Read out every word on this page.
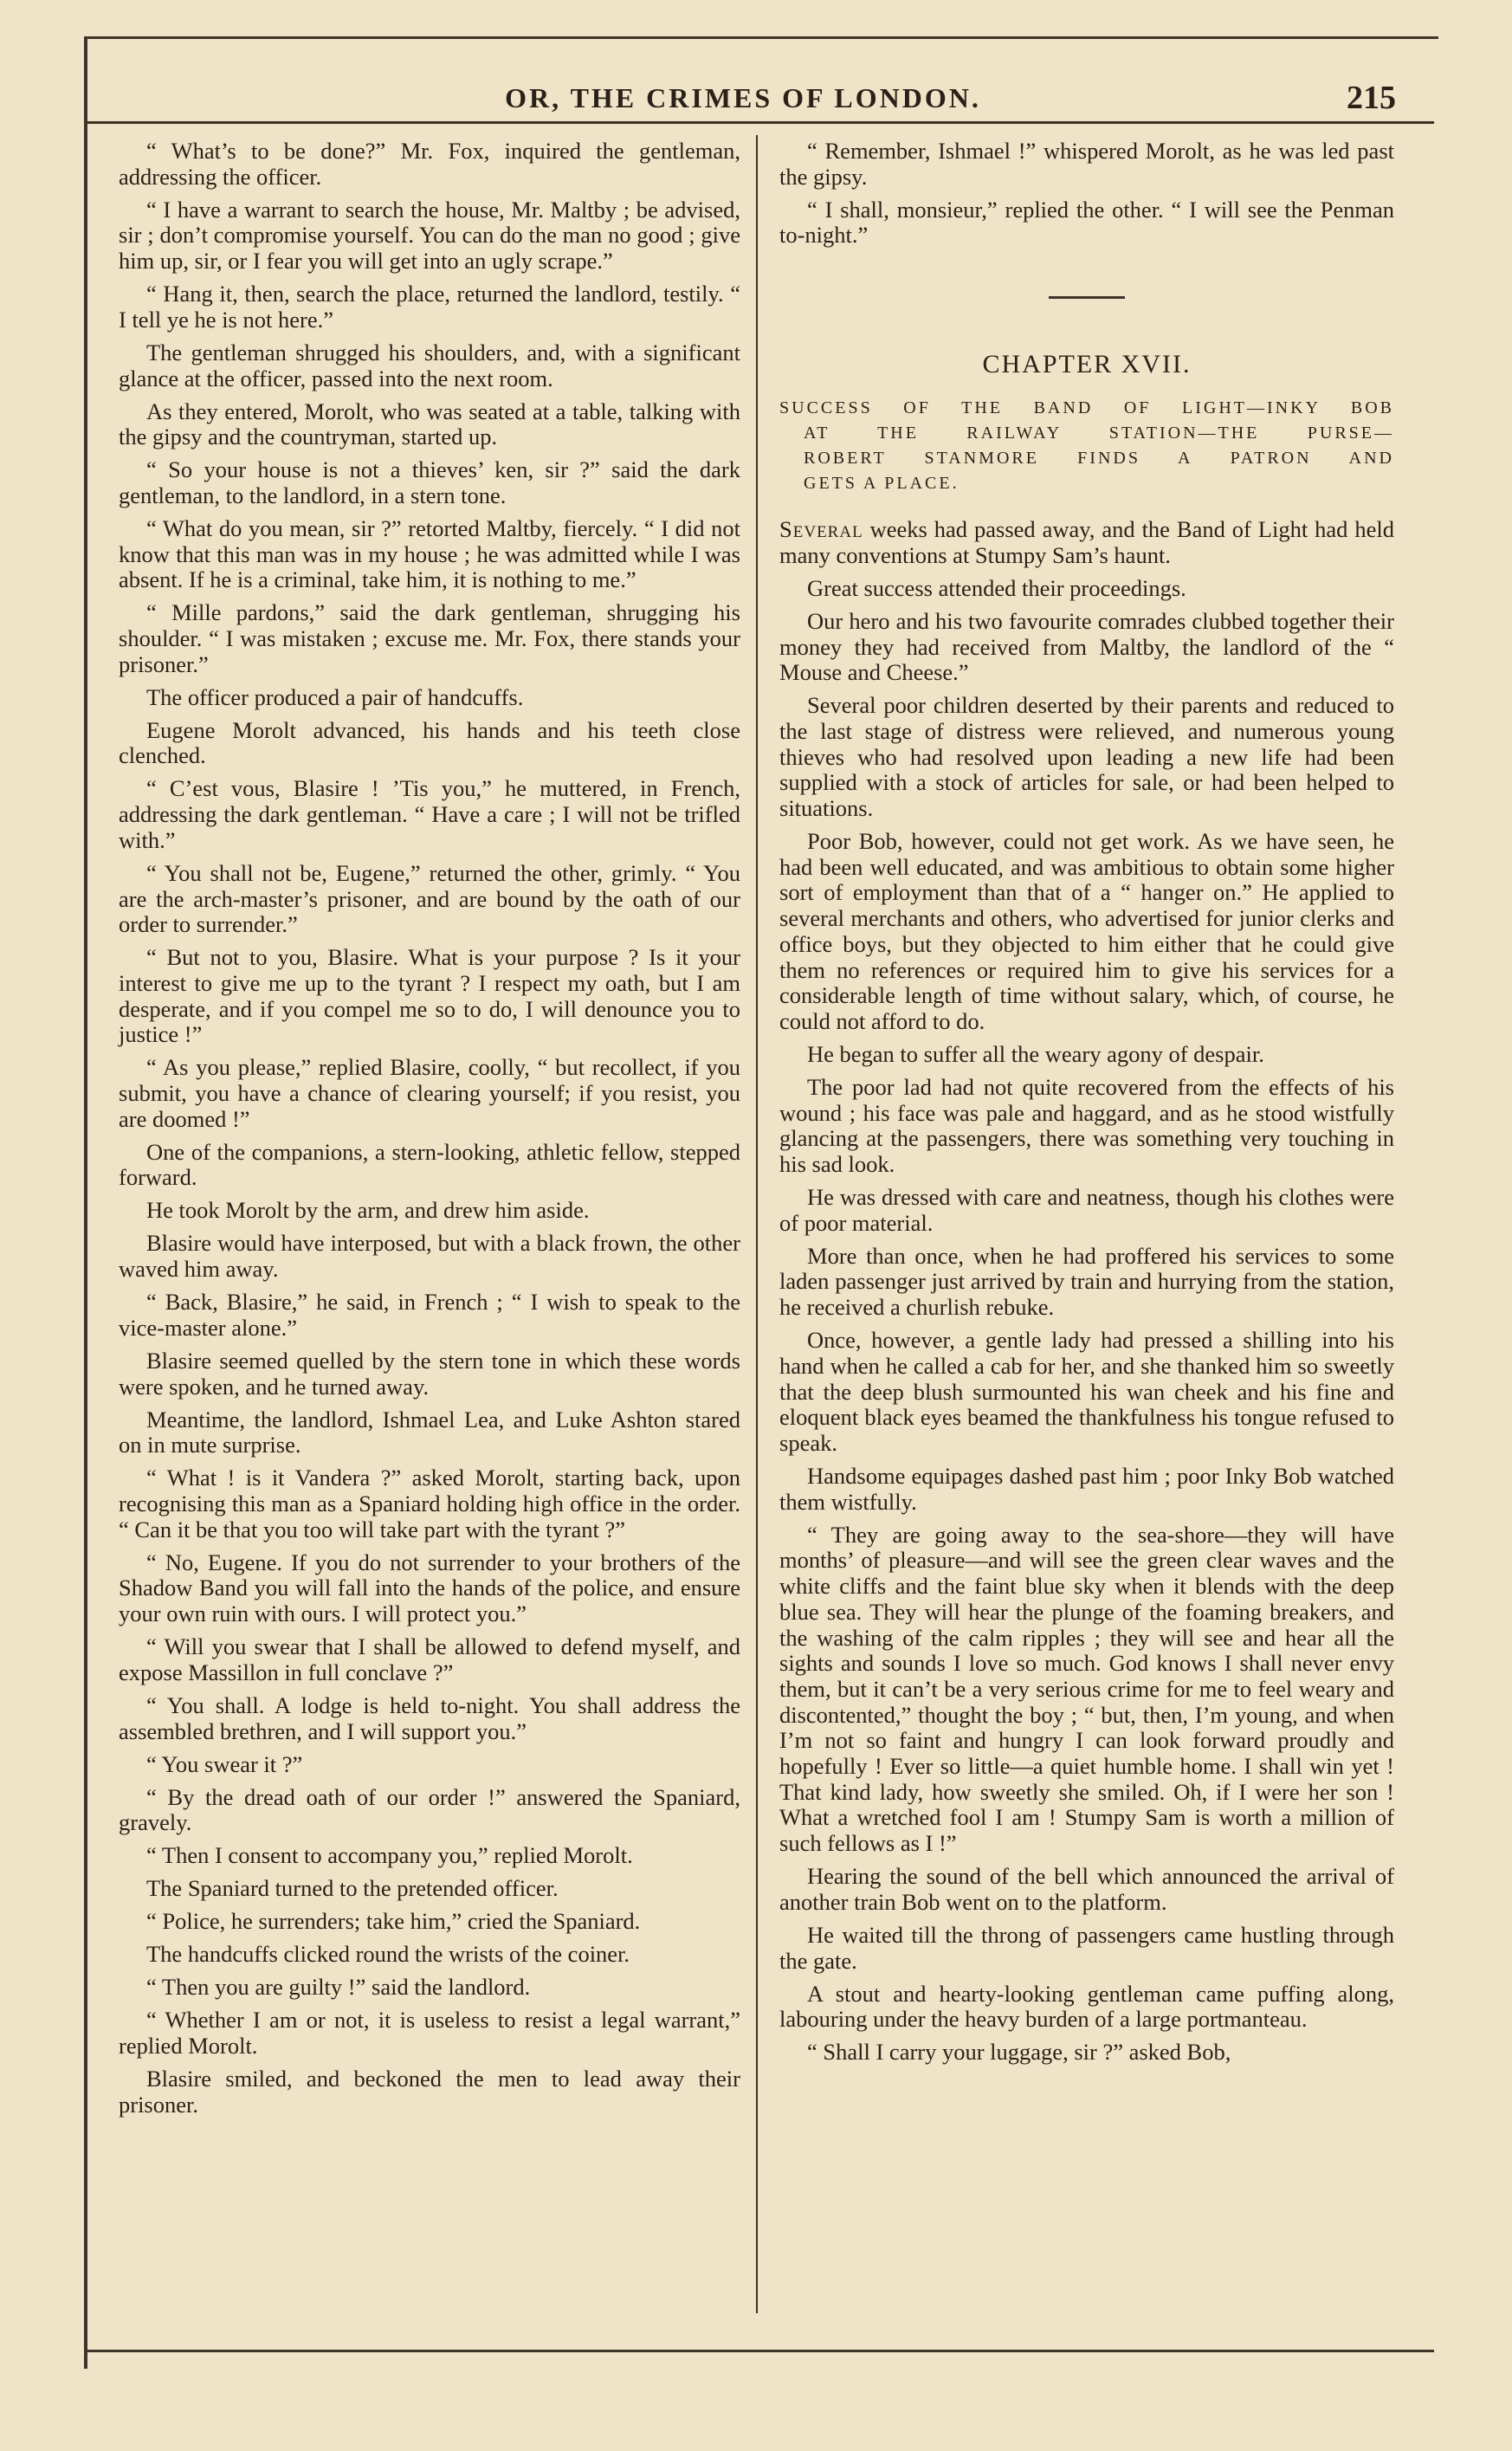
OR, THE CRIMES OF LONDON.	215

“ What’s to be done?” Mr. Fox, inquired the gentleman, addressing the officer.

“ I have a warrant to search the house, Mr. Maltby ; be advised, sir ; don’t compromise yourself. You can do the man no good ; give him up, sir, or I fear you will get into an ugly scrape.”

“ Hang it, then, search the place, returned the landlord, testily. “ I tell ye he is not here.”

The gentleman shrugged his shoulders, and, with a significant glance at the officer, passed into the next room.

As they entered, Morolt, who was seated at a table, talking with the gipsy and the countryman, started up.

“ So your house is not a thieves’ ken, sir ?” said the dark gentleman, to the landlord, in a stern tone.

“ What do you mean, sir ?” retorted Maltby, fiercely. “ I did not know that this man was in my house ; he was admitted while I was absent. If he is a criminal, take him, it is nothing to me.”

“ Mille pardons,” said the dark gentleman, shrugging his shoulder. “ I was mistaken ; excuse me. Mr. Fox, there stands your prisoner.”

The officer produced a pair of handcuffs.

Eugene Morolt advanced, his hands and his teeth close clenched.

“ C’est vous, Blasire ! ’Tis you,” he muttered, in French, addressing the dark gentleman. “ Have a care ; I will not be trifled with.”

“ You shall not be, Eugene,” returned the other, grimly. “ You are the arch-master’s prisoner, and are bound by the oath of our order to surrender.”

“ But not to you, Blasire. What is your purpose ? Is it your interest to give me up to the tyrant ? I respect my oath, but I am desperate, and if you compel me so to do, I will denounce you to justice !”

“ As you please,” replied Blasire, coolly, “ but recollect, if you submit, you have a chance of clearing yourself; if you resist, you are doomed !”

One of the companions, a stern-looking, athletic fellow, stepped forward.

He took Morolt by the arm, and drew him aside.

Blasire would have interposed, but with a black frown, the other waved him away.

“ Back, Blasire,” he said, in French ; “ I wish to speak to the vice-master alone.”

Blasire seemed quelled by the stern tone in which these words were spoken, and he turned away.

Meantime, the landlord, Ishmael Lea, and Luke Ashton stared on in mute surprise.

“ What ! is it Vandera ?” asked Morolt, starting back, upon recognising this man as a Spaniard holding high office in the order. “ Can it be that you too will take part with the tyrant ?”

“ No, Eugene. If you do not surrender to your brothers of the Shadow Band you will fall into the hands of the police, and ensure your own ruin with ours. I will protect you.”

“ Will you swear that I shall be allowed to defend myself, and expose Massillon in full conclave ?”

“ You shall. A lodge is held to-night. You shall address the assembled brethren, and I will support you.”

“ You swear it ?”

“ By the dread oath of our order !” answered the Spaniard, gravely.

“ Then I consent to accompany you,” replied Morolt.

The Spaniard turned to the pretended officer.

“ Police, he surrenders; take him,” cried the Spaniard.

The handcuffs clicked round the wrists of the coiner.

“ Then you are guilty !” said the landlord.

“ Whether I am or not, it is useless to resist a legal warrant,” replied Morolt.

Blasire smiled, and beckoned the men to lead away their prisoner.

“ Remember, Ishmael !” whispered Morolt, as he was led past the gipsy.

“ I shall, monsieur,” replied the other. “ I will see the Penman to-night.”

CHAPTER XVII.
SUCCESS OF THE BAND OF LIGHT—INKY BOB
AT THE RAILWAY STATION—THE PURSE—
ROBERT STANMORE FINDS A PATRON AND
GETS A PLACE.

Several weeks had passed away, and the Band of Light had held many conventions at Stumpy Sam’s haunt.

Great success attended their proceedings.

Our hero and his two favourite comrades clubbed together their money they had received from Maltby, the landlord of the “ Mouse and Cheese.”

Several poor children deserted by their parents and reduced to the last stage of distress were relieved, and numerous young thieves who had resolved upon leading a new life had been supplied with a stock of articles for sale, or had been helped to situations.

Poor Bob, however, could not get work. As we have seen, he had been well educated, and was ambitious to obtain some higher sort of employment than that of a “ hanger on.” He applied to several merchants and others, who advertised for junior clerks and office boys, but they objected to him either that he could give them no references or required him to give his services for a considerable length of time without salary, which, of course, he could not afford to do.

He began to suffer all the weary agony of despair.

The poor lad had not quite recovered from the effects of his wound ; his face was pale and haggard, and as he stood wistfully glancing at the passengers, there was something very touching in his sad look.

He was dressed with care and neatness, though his clothes were of poor material.

More than once, when he had proffered his services to some laden passenger just arrived by train and hurrying from the station, he received a churlish rebuke.

Once, however, a gentle lady had pressed a shilling into his hand when he called a cab for her, and she thanked him so sweetly that the deep blush surmounted his wan cheek and his fine and eloquent black eyes beamed the thankfulness his tongue refused to speak.

Handsome equipages dashed past him ; poor Inky Bob watched them wistfully.

“ They are going away to the sea-shore—they will have months’ of pleasure—and will see the green clear waves and the white cliffs and the faint blue sky when it blends with the deep blue sea. They will hear the plunge of the foaming breakers, and the washing of the calm ripples ; they will see and hear all the sights and sounds I love so much. God knows I shall never envy them, but it can’t be a very serious crime for me to feel weary and discontented,” thought the boy ; “ but, then, I’m young, and when I’m not so faint and hungry I can look forward proudly and hopefully ! Ever so little—a quiet humble home. I shall win yet ! That kind lady, how sweetly she smiled. Oh, if I were her son ! What a wretched fool I am ! Stumpy Sam is worth a million of such fellows as I !”

Hearing the sound of the bell which announced the arrival of another train Bob went on to the platform.

He waited till the throng of passengers came hustling through the gate.

A stout and hearty-looking gentleman came puffing along, labouring under the heavy burden of a large portmanteau.

“ Shall I carry your luggage, sir ?” asked Bob,
